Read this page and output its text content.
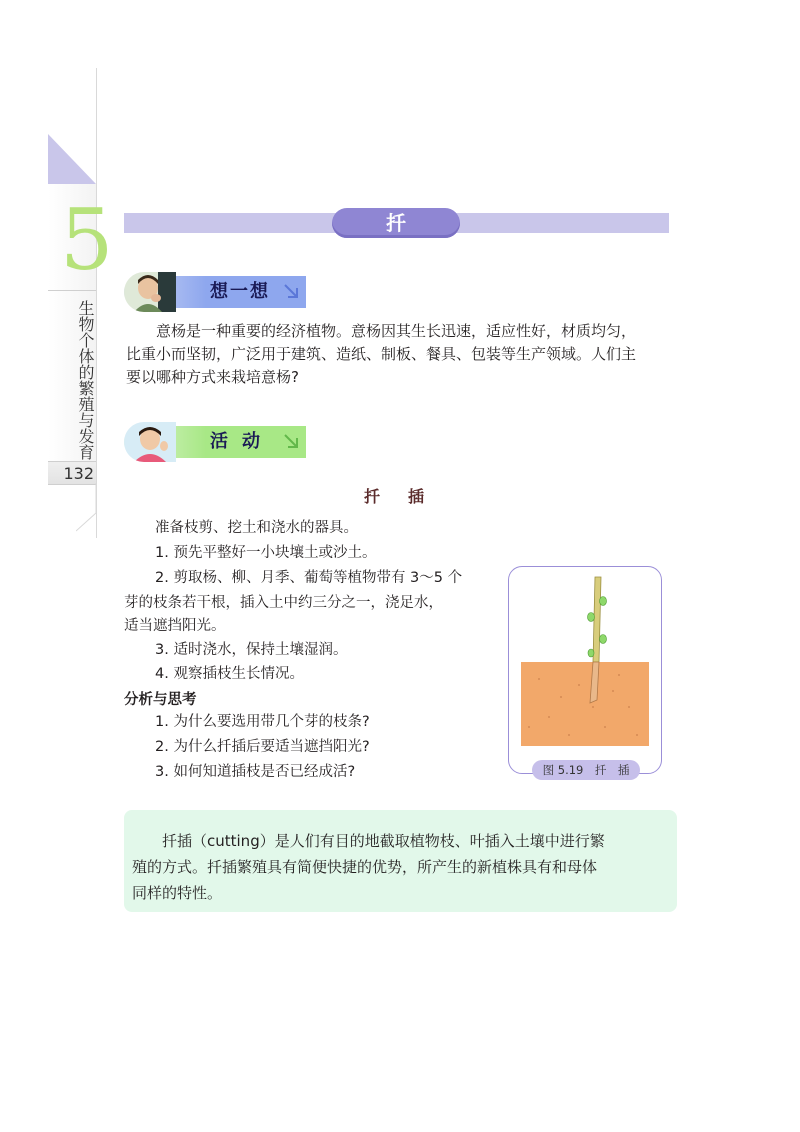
5
生物个体的繁殖与发育
132
扦插
想一想
意杨是一种重要的经济植物。意杨因其生长迅速，适应性好，材质均匀，
比重小而坚韧，广泛用于建筑、造纸、制板、餐具、包装等生产领域。人们主
要以哪种方式来栽培意杨?
活动
扦插
准备枝剪、挖土和浇水的器具。
1. 预先平整好一小块壤土或沙土。
2. 剪取杨、柳、月季、葡萄等植物带有 3～5 个
芽的枝条若干根，插入土中约三分之一，浇足水，
适当遮挡阳光。
3. 适时浇水，保持土壤湿润。
4. 观察插枝生长情况。
分析与思考
1. 为什么要选用带几个芽的枝条?
2. 为什么扦插后要适当遮挡阳光?
3. 如何知道插枝是否已经成活?	图 5.19　扦　插
扦插（cutting）是人们有目的地截取植物枝、叶插入土壤中进行繁
殖的方式。扦插繁殖具有简便快捷的优势，所产生的新植株具有和母体
同样的特性。
